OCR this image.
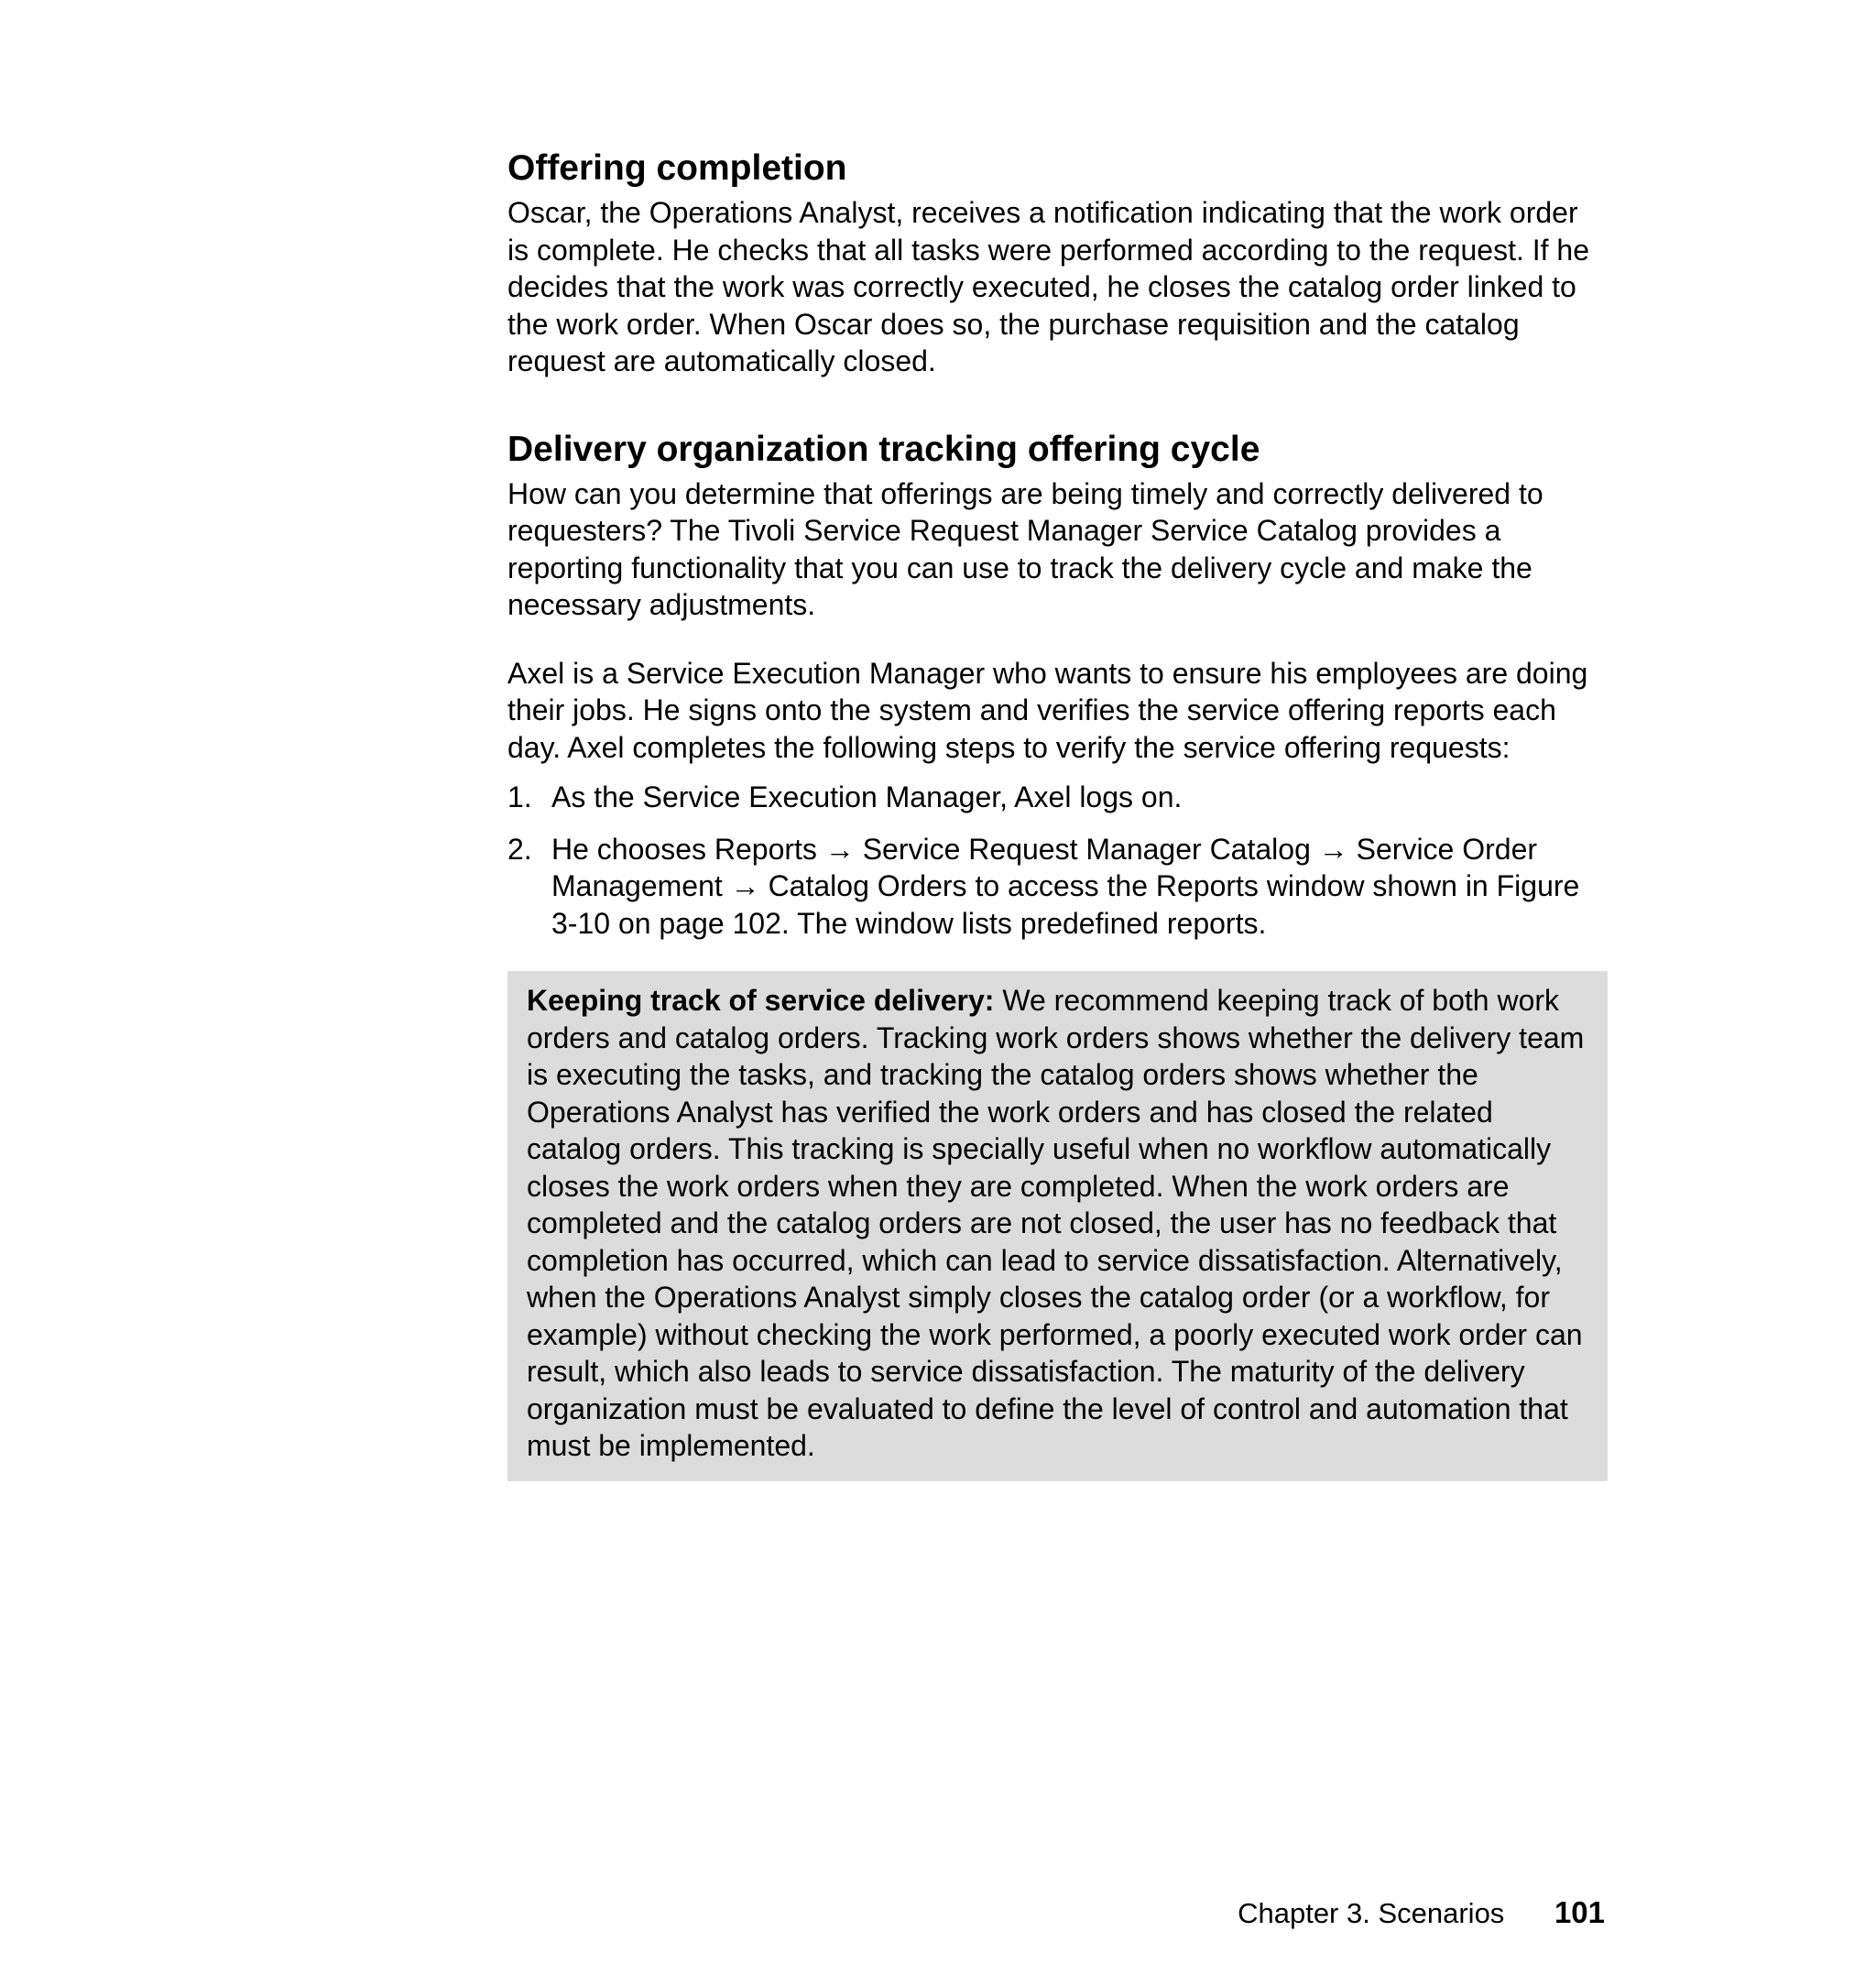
Offering completion

Oscar, the Operations Analyst, receives a notification indicating that the work order is complete. He checks that all tasks were performed according to the request. If he decides that the work was correctly executed, he closes the catalog order linked to the work order. When Oscar does so, the purchase requisition and the catalog request are automatically closed.

Delivery organization tracking offering cycle

How can you determine that offerings are being timely and correctly delivered to requesters? The Tivoli Service Request Manager Service Catalog provides a reporting functionality that you can use to track the delivery cycle and make the necessary adjustments.

Axel is a Service Execution Manager who wants to ensure his employees are doing their jobs. He signs onto the system and verifies the service offering reports each day. Axel completes the following steps to verify the service offering requests:

1. As the Service Execution Manager, Axel logs on.
2. He chooses Reports → Service Request Manager Catalog → Service Order Management → Catalog Orders to access the Reports window shown in Figure 3-10 on page 102. The window lists predefined reports.

Keeping track of service delivery: We recommend keeping track of both work orders and catalog orders. Tracking work orders shows whether the delivery team is executing the tasks, and tracking the catalog orders shows whether the Operations Analyst has verified the work orders and has closed the related catalog orders. This tracking is specially useful when no workflow automatically closes the work orders when they are completed. When the work orders are completed and the catalog orders are not closed, the user has no feedback that completion has occurred, which can lead to service dissatisfaction. Alternatively, when the Operations Analyst simply closes the catalog order (or a workflow, for example) without checking the work performed, a poorly executed work order can result, which also leads to service dissatisfaction. The maturity of the delivery organization must be evaluated to define the level of control and automation that must be implemented.

Chapter 3. Scenarios 101
